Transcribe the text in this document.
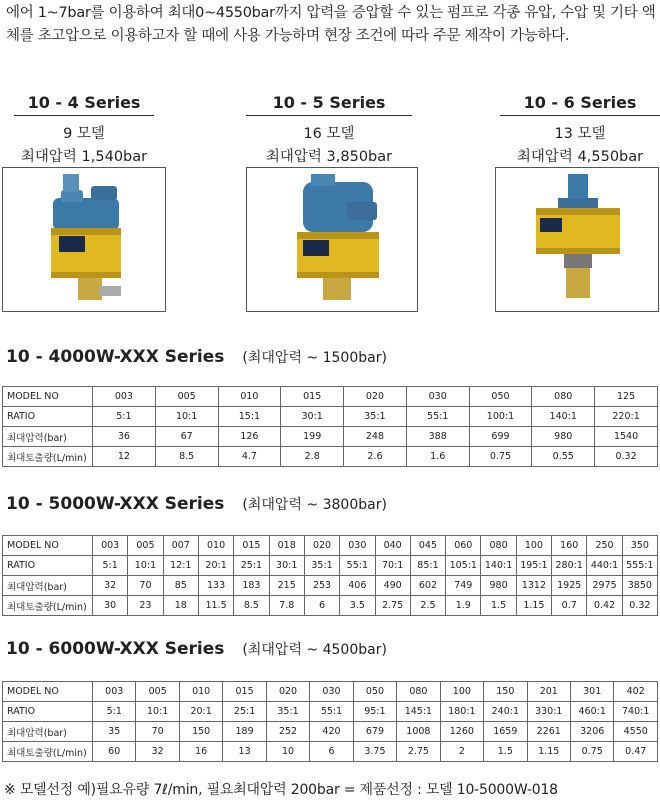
에어 1~7bar를 이용하여 최대0~4550bar까지 압력을 증압할 수 있는 펌프로 각종 유압, 수압 및 기타 액체를 초고압으로 이용하고자 할 때에 사용 가능하며 현장 조건에 따라 주문 제작이 가능하다.

10 - 4 Series
9 모델
최대압력 1,540bar
10 - 5 Series
16 모델
최대압력 3,850bar
10 - 6 Series
13 모델
최대압력 4,550bar
10 - 4000W-XXX Series (최대압력 ~ 1500bar)
MODEL NO	003	005	010	015	020	030	050	080	125
RATIO	5:1	10:1	15:1	30:1	35:1	55:1	100:1	140:1	220:1
최대압력(bar)	36	67	126	199	248	388	699	980	1540
최대토출량(L/min)	12	8.5	4.7	2.8	2.6	1.6	0.75	0.55	0.32
10 - 5000W-XXX Series (최대압력 ~ 3800bar)
MODEL NO	003	005	007	010	015	018	020	030	040	045	060	080	100	160	250	350
RATIO	5:1	10:1	12:1	20:1	25:1	30:1	35:1	55:1	70:1	85:1	105:1	140:1	195:1	280:1	440:1	555:1
최대압력(bar)	32	70	85	133	183	215	253	406	490	602	749	980	1312	1925	2975	3850
최대토출량(L/min)	30	23	18	11.5	8.5	7.8	6	3.5	2.75	2.5	1.9	1.5	1.15	0.7	0.42	0.32
10 - 6000W-XXX Series (최대압력 ~ 4500bar)
MODEL NO	003	005	010	015	020	030	050	080	100	150	201	301	402
RATIO	5:1	10:1	20:1	25:1	35:1	55:1	95:1	145:1	180:1	240:1	330:1	460:1	740:1
최대압력(bar)	35	70	150	189	252	420	679	1008	1260	1659	2261	3206	4550
최대토출량(L/min)	60	32	16	13	10	6	3.75	2.75	2	1.5	1.15	0.75	0.47
※ 모델선정 예)필요유량 7ℓ/min, 필요최대압력 200bar = 제품선정 : 모델 10-5000W-018
